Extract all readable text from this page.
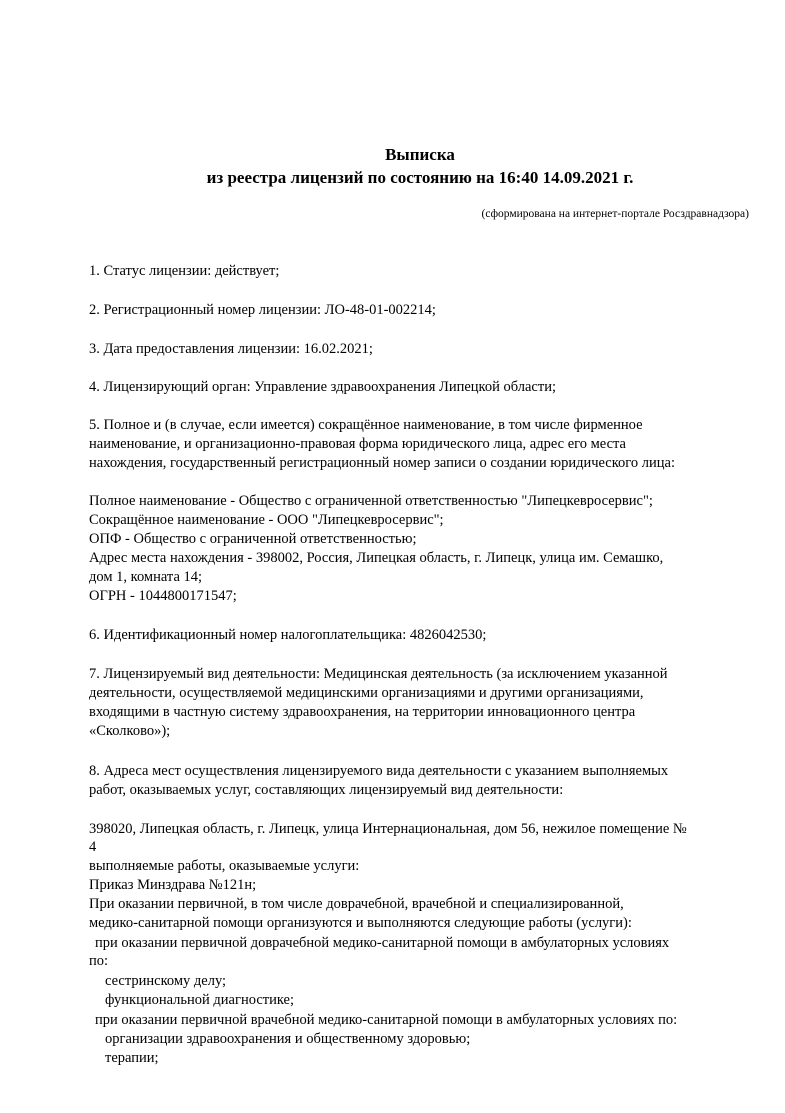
Выписка
из реестра лицензий по состоянию на 16:40 14.09.2021 г.
(сформирована на интернет-портале Росздравнадзора)
1. Статус лицензии: действует;
2. Регистрационный номер лицензии: ЛО-48-01-002214;
3. Дата предоставления лицензии: 16.02.2021;
4. Лицензирующий орган: Управление здравоохранения Липецкой области;
5. Полное и (в случае, если имеется) сокращённое наименование, в том числе фирменное
наименование, и организационно-правовая форма юридического лица, адрес его места
нахождения, государственный регистрационный номер записи о создании юридического лица:
Полное наименование - Общество с ограниченной ответственностью "Липецкевросервис";
Сокращённое наименование - ООО "Липецкевросервис";
ОПФ - Общество с ограниченной ответственностью;
Адрес места нахождения - 398002, Россия, Липецкая область, г. Липецк, улица им. Семашко,
дом 1, комната 14;
ОГРН - 1044800171547;
6. Идентификационный номер налогоплательщика: 4826042530;
7. Лицензируемый вид деятельности: Медицинская деятельность (за исключением указанной
деятельности, осуществляемой медицинскими организациями и другими организациями,
входящими в частную систему здравоохранения, на территории инновационного центра
«Сколково»);
8. Адреса мест осуществления лицензируемого вида деятельности с указанием выполняемых
работ, оказываемых услуг, составляющих лицензируемый вид деятельности:
398020, Липецкая область, г. Липецк, улица Интернациональная, дом 56, нежилое помещение №
4
выполняемые работы, оказываемые услуги:
Приказ Минздрава №121н;
При оказании первичной, в том числе доврачебной, врачебной и специализированной,
медико-санитарной помощи организуются и выполняются следующие работы (услуги):
при оказании первичной доврачебной медико-санитарной помощи в амбулаторных условиях
по:
сестринскому делу;
функциональной диагностике;
при оказании первичной врачебной медико-санитарной помощи в амбулаторных условиях по:
организации здравоохранения и общественному здоровью;
терапии;
